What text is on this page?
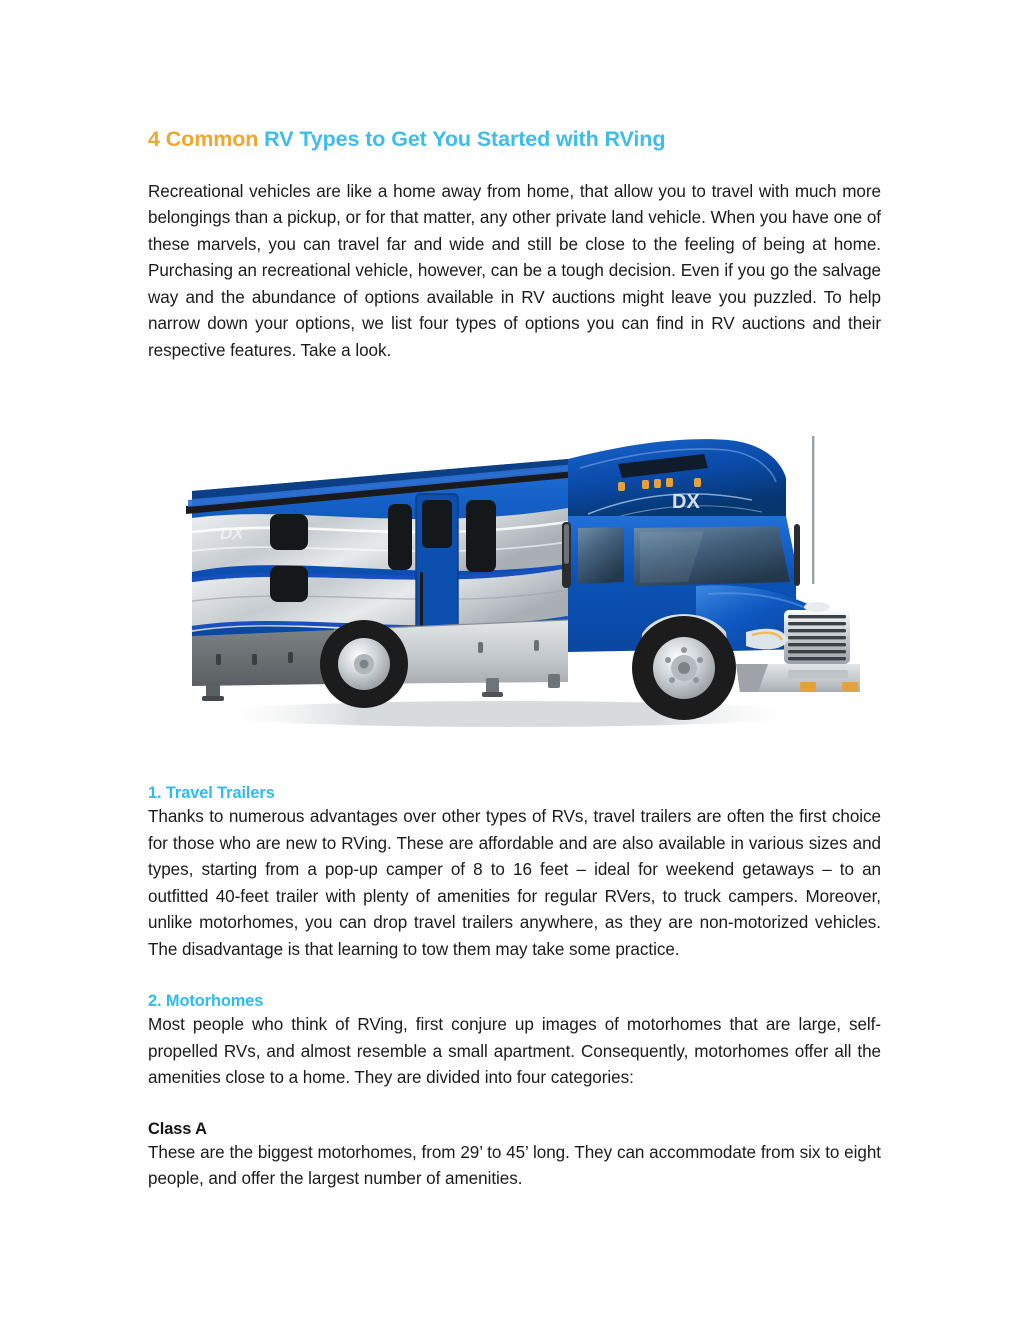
4 Common RV Types to Get You Started with RVing

Recreational vehicles are like a home away from home, that allow you to travel with much more belongings than a pickup, or for that matter, any other private land vehicle. When you have one of these marvels, you can travel far and wide and still be close to the feeling of being at home. Purchasing an recreational vehicle, however, can be a tough decision. Even if you go the salvage way and the abundance of options available in RV auctions might leave you puzzled. To help narrow down your options, we list four types of options you can find in RV auctions and their respective features. Take a look.

DX
DX
1. Travel Trailers

Thanks to numerous advantages over other types of RVs, travel trailers are often the first choice for those who are new to RVing. These are affordable and are also available in various sizes and types, starting from a pop-up camper of 8 to 16 feet – ideal for weekend getaways – to an outfitted 40-feet trailer with plenty of amenities for regular RVers, to truck campers. Moreover, unlike motorhomes, you can drop travel trailers anywhere, as they are non-motorized vehicles. The disadvantage is that learning to tow them may take some practice.

2. Motorhomes

Most people who think of RVing, first conjure up images of motorhomes that are large, self-propelled RVs, and almost resemble a small apartment. Consequently, motorhomes offer all the amenities close to a home. They are divided into four categories:

Class A

These are the biggest motorhomes, from 29’ to 45’ long. They can accommodate from six to eight people, and offer the largest number of amenities.
